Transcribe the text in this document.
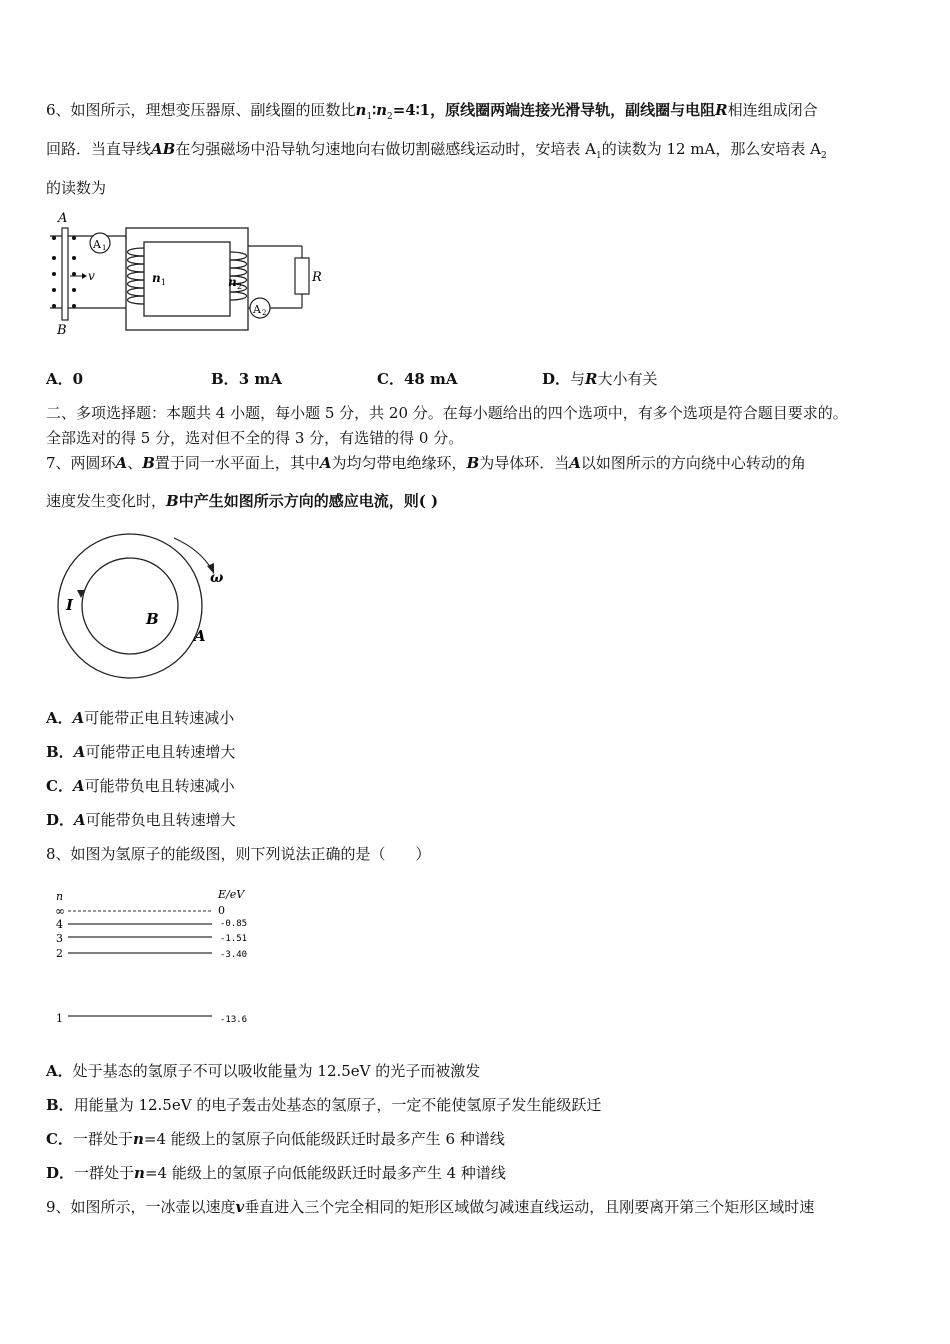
6、如图所示，理想变压器原、副线圈的匝数比$n_1∶n_2=4∶1$，原线圈两端连接光滑导轨，副线圈与电阻R相连组成闭合
回路．当直导线AB在匀强磁场中沿导轨匀速地向右做切割磁感线运动时，安培表 $A_1$的读数为 12 mA，那么安培表 $A_2$
的读数为
A
B
v
A 1
n 1	n 2
R
A 2
A．0	B．3 mA	C．48 mA	D．与R大小有关
二、多项选择题：本题共 4 小题，每小题 5 分，共 20 分。在每小题给出的四个选项中，有多个选项是符合题目要求的。
全部选对的得 5 分，选对但不全的得 3 分，有选错的得 0 分。
7、两圆环A、B置于同一水平面上，其中A为均匀带电绝缘环，B为导体环．当A以如图所示的方向绕中心转动的角
速度发生变化时，B中产生如图所示方向的感应电流，则( )
ω
I
B
A
A．A可能带正电且转速减小
B．A可能带正电且转速增大
C．A可能带负电且转速减小
D．A可能带负电且转速增大
8、如图为氢原子的能级图，则下列说法正确的是（　　）
n	E/eV
∞	0
4	-0.85
3	-1.51
2	-3.40
1	-13.6
A．处于基态的氢原子不可以吸收能量为 12.5eV 的光子而被激发
B．用能量为 12.5eV 的电子轰击处基态的氢原子，一定不能使氢原子发生能级跃迁
C．一群处于n=4 能级上的氢原子向低能级跃迁时最多产生 6 种谱线
D．一群处于n=4 能级上的氢原子向低能级跃迁时最多产生 4 种谱线
9、如图所示，一冰壶以速度v垂直进入三个完全相同的矩形区域做匀减速直线运动，且刚要离开第三个矩形区域时速
